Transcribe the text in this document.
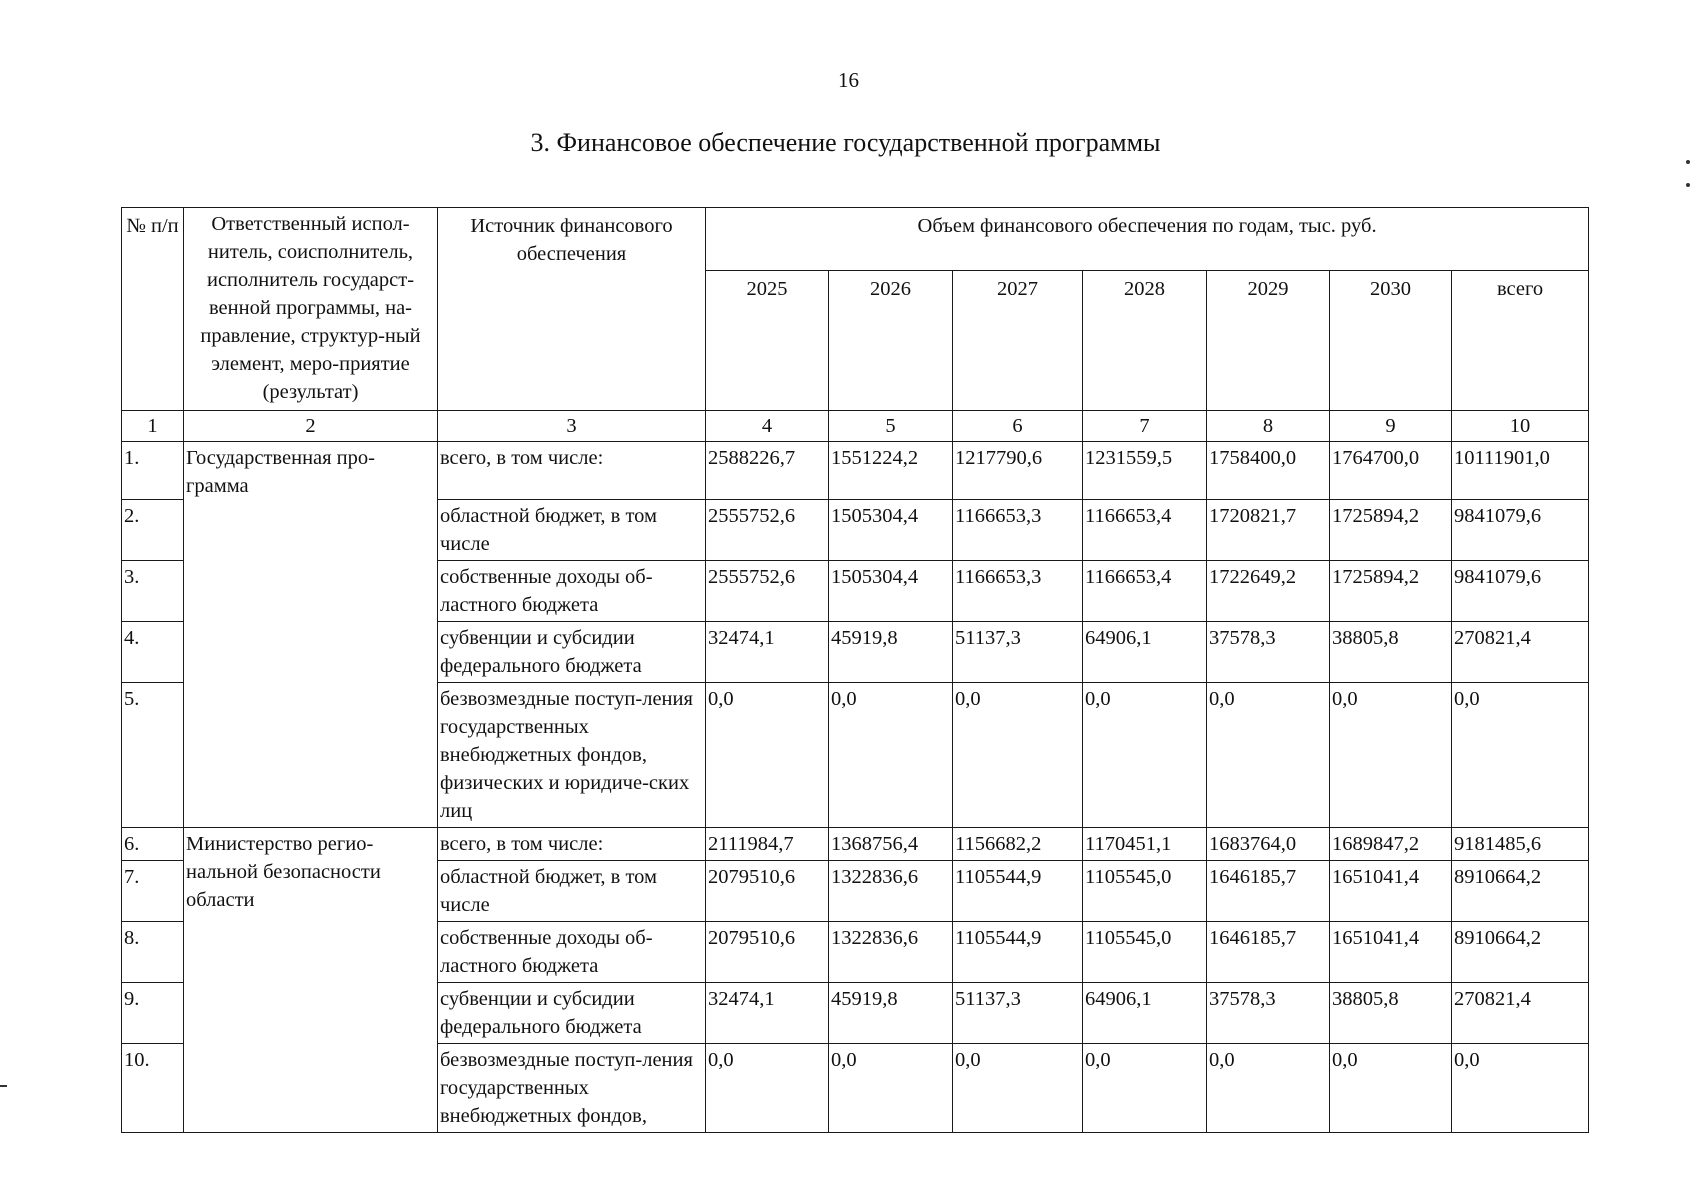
16
3. Финансовое обеспечение государственной программы
№ п/п	Ответственный испол-нитель, соисполнитель, исполнитель государст-венной программы, на-правление, структур-ный элемент, меро-приятие (результат)	Источник финансового обеспечения	Объем финансового обеспечения по годам, тыс. руб.						
			2025	2026	2027	2028	2029	2030	всего
1	2	3	4	5	6	7	8	9	10
1.	Государственная про-грамма	всего, в том числе:	2588226,7	1551224,2	1217790,6	1231559,5	1758400,0	1764700,0	10111901,0
2.		областной бюджет, в том числе	2555752,6	1505304,4	1166653,3	1166653,4	1720821,7	1725894,2	9841079,6
3.		собственные доходы об-ластного бюджета	2555752,6	1505304,4	1166653,3	1166653,4	1722649,2	1725894,2	9841079,6
4.		субвенции и субсидии федерального бюджета	32474,1	45919,8	51137,3	64906,1	37578,3	38805,8	270821,4
5.		безвозмездные поступ-ления государственных внебюджетных фондов, физических и юридиче-ских лиц	0,0	0,0	0,0	0,0	0,0	0,0	0,0
6.	Министерство регио-нальной безопасности области	всего, в том числе:	2111984,7	1368756,4	1156682,2	1170451,1	1683764,0	1689847,2	9181485,6
7.		областной бюджет, в том числе	2079510,6	1322836,6	1105544,9	1105545,0	1646185,7	1651041,4	8910664,2
8.		собственные доходы об-ластного бюджета	2079510,6	1322836,6	1105544,9	1105545,0	1646185,7	1651041,4	8910664,2
9.		субвенции и субсидии федерального бюджета	32474,1	45919,8	51137,3	64906,1	37578,3	38805,8	270821,4
10.		безвозмездные поступ-ления государственных внебюджетных фондов,	0,0	0,0	0,0	0,0	0,0	0,0	0,0
